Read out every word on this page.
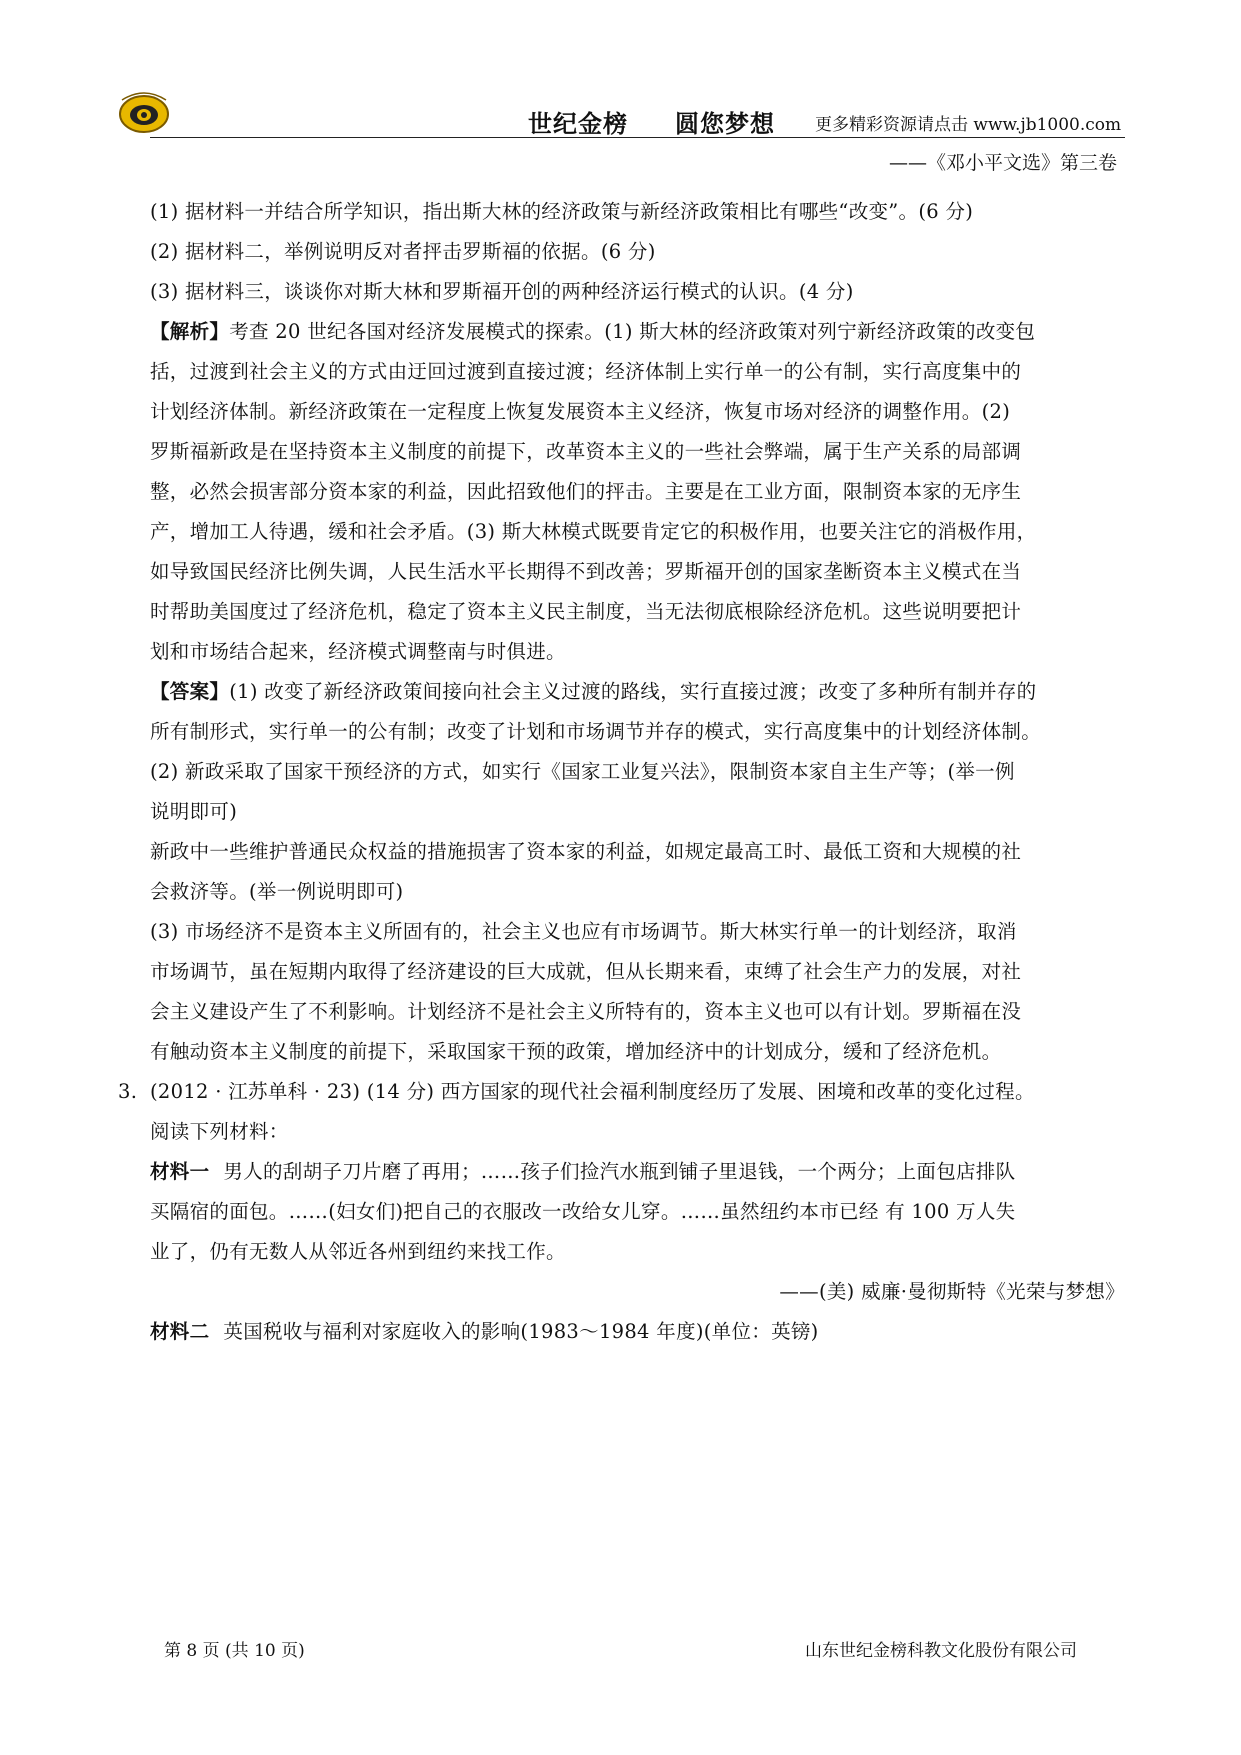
世纪金榜 圆您梦想 更多精彩资源请点击 www.jb1000.com
——《邓小平文选》第三卷
(1) 据材料一并结合所学知识，指出斯大林的经济政策与新经济政策相比有哪些“改变”。(6 分)
(2) 据材料二，举例说明反对者抨击罗斯福的依据。(6 分)
(3) 据材料三，谈谈你对斯大林和罗斯福开创的两种经济运行模式的认识。(4 分)
【解析】考查 20 世纪各国对经济发展模式的探索。(1) 斯大林的经济政策对列宁新经济政策的改变包
括，过渡到社会主义的方式由迂回过渡到直接过渡；经济体制上实行单一的公有制，实行高度集中的
计划经济体制。新经济政策在一定程度上恢复发展资本主义经济，恢复市场对经济的调整作用。(2)
罗斯福新政是在坚持资本主义制度的前提下，改革资本主义的一些社会弊端，属于生产关系的局部调
整，必然会损害部分资本家的利益，因此招致他们的抨击。主要是在工业方面，限制资本家的无序生
产，增加工人待遇，缓和社会矛盾。(3) 斯大林模式既要肯定它的积极作用，也要关注它的消极作用，
如导致国民经济比例失调，人民生活水平长期得不到改善；罗斯福开创的国家垄断资本主义模式在当
时帮助美国度过了经济危机，稳定了资本主义民主制度，当无法彻底根除经济危机。这些说明要把计
划和市场结合起来，经济模式调整南与时俱进。
【答案】(1) 改变了新经济政策间接向社会主义过渡的路线，实行直接过渡；改变了多种所有制并存的
所有制形式，实行单一的公有制；改变了计划和市场调节并存的模式，实行高度集中的计划经济体制。
(2) 新政采取了国家干预经济的方式，如实行《国家工业复兴法》，限制资本家自主生产等；(举一例
说明即可)
新政中一些维护普通民众权益的措施损害了资本家的利益，如规定最高工时、最低工资和大规模的社
会救济等。(举一例说明即可)
(3) 市场经济不是资本主义所固有的，社会主义也应有市场调节。斯大林实行单一的计划经济，取消
市场调节，虽在短期内取得了经济建设的巨大成就，但从长期来看，束缚了社会生产力的发展，对社
会主义建设产生了不利影响。计划经济不是社会主义所特有的，资本主义也可以有计划。罗斯福在没
有触动资本主义制度的前提下，采取国家干预的政策，增加经济中的计划成分，缓和了经济危机。
3. (2012 · 江苏单科 · 23) (14 分) 西方国家的现代社会福利制度经历了发展、困境和改革的变化过程。
阅读下列材料：
材料一 男人的刮胡子刀片磨了再用；……孩子们捡汽水瓶到铺子里退钱，一个两分；上面包店排队
买隔宿的面包。……(妇女们)把自己的衣服改一改给女儿穿。……虽然纽约本市已经 有 100 万人失
业了，仍有无数人从邻近各州到纽约来找工作。
——(美) 威廉·曼彻斯特《光荣与梦想》
材料二 英国税收与福利对家庭收入的影响(1983～1984 年度)(单位：英镑)
第 8 页 (共 10 页)	山东世纪金榜科教文化股份有限公司
